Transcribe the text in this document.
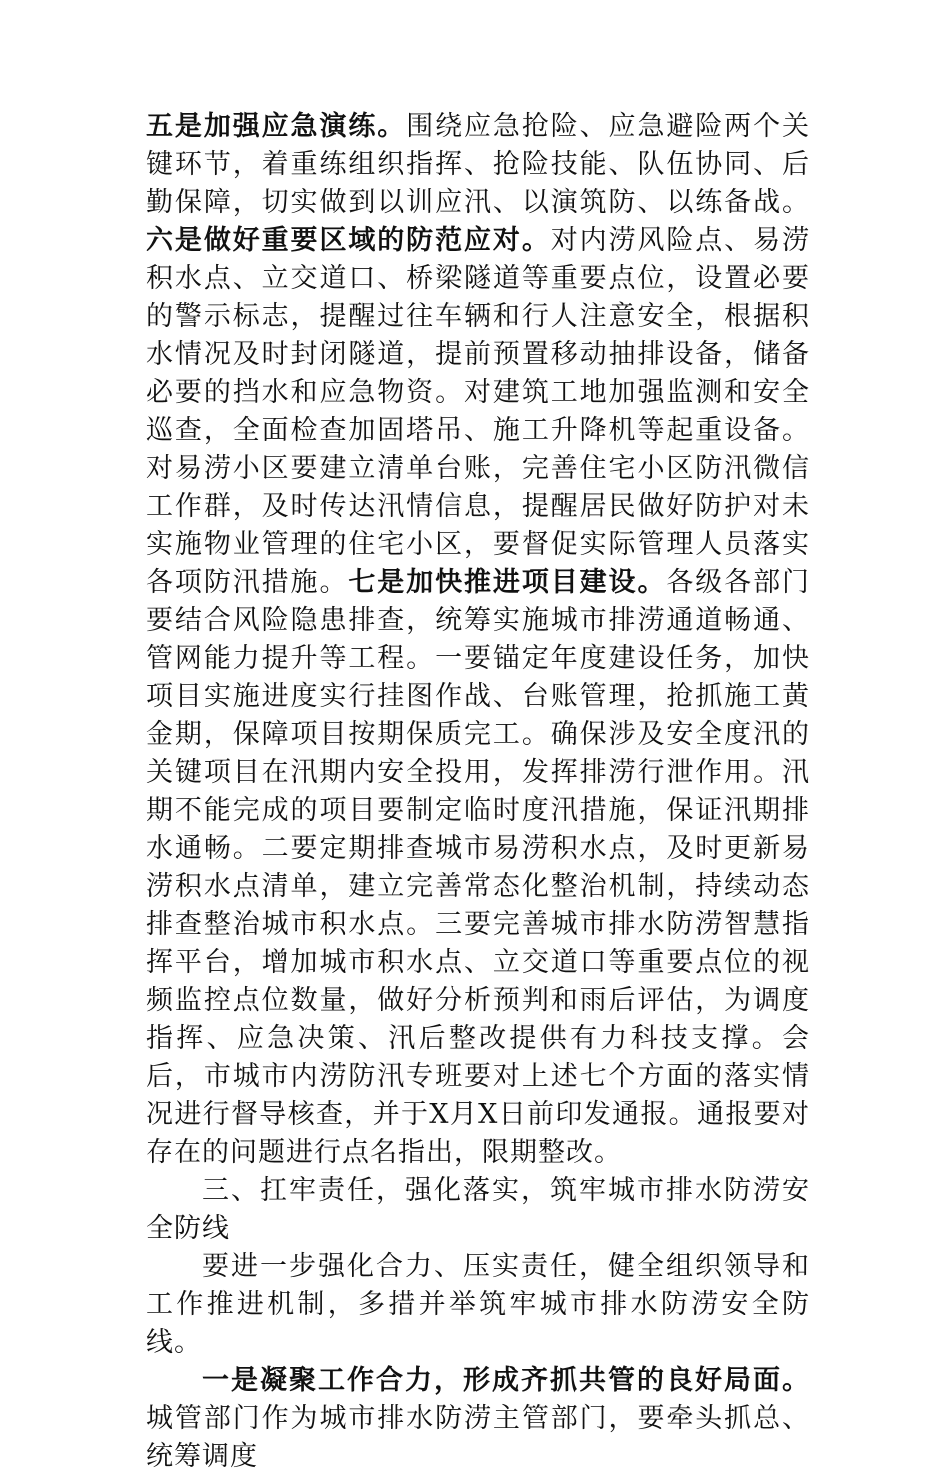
五是加强应急演练。围绕应急抢险、应急避险两个关键环节，着重练组织指挥、抢险技能、队伍协同、后勤保障，切实做到以训应汛、以演筑防、以练备战。六是做好重要区域的防范应对。对内涝风险点、易涝积水点、立交道口、桥梁隧道等重要点位，设置必要的警示标志，提醒过往车辆和行人注意安全，根据积水情况及时封闭隧道，提前预置移动抽排设备，储备必要的挡水和应急物资。对建筑工地加强监测和安全巡查，全面检查加固塔吊、施工升降机等起重设备。对易涝小区要建立清单台账，完善住宅小区防汛微信工作群，及时传达汛情信息，提醒居民做好防护对未实施物业管理的住宅小区，要督促实际管理人员落实各项防汛措施。七是加快推进项目建设。各级各部门要结合风险隐患排查，统筹实施城市排涝通道畅通、管网能力提升等工程。一要锚定年度建设任务，加快项目实施进度实行挂图作战、台账管理，抢抓施工黄金期，保障项目按期保质完工。确保涉及安全度汛的关键项目在汛期内安全投用，发挥排涝行泄作用。汛期不能完成的项目要制定临时度汛措施，保证汛期排水通畅。二要定期排查城市易涝积水点，及时更新易涝积水点清单，建立完善常态化整治机制，持续动态排查整治城市积水点。三要完善城市排水防涝智慧指挥平台，增加城市积水点、立交道口等重要点位的视频监控点位数量，做好分析预判和雨后评估，为调度指挥、应急决策、汛后整改提供有力科技支撑。会后，市城市内涝防汛专班要对上述七个方面的落实情况进行督导核查，并于X月X日前印发通报。通报要对存在的问题进行点名指出，限期整改。

三、扛牢责任，强化落实，筑牢城市排水防涝安全防线

要进一步强化合力、压实责任，健全组织领导和工作推进机制，多措并举筑牢城市排水防涝安全防线。

一是凝聚工作合力，形成齐抓共管的良好局面。城管部门作为城市排水防涝主管部门，要牵头抓总、统筹调度
